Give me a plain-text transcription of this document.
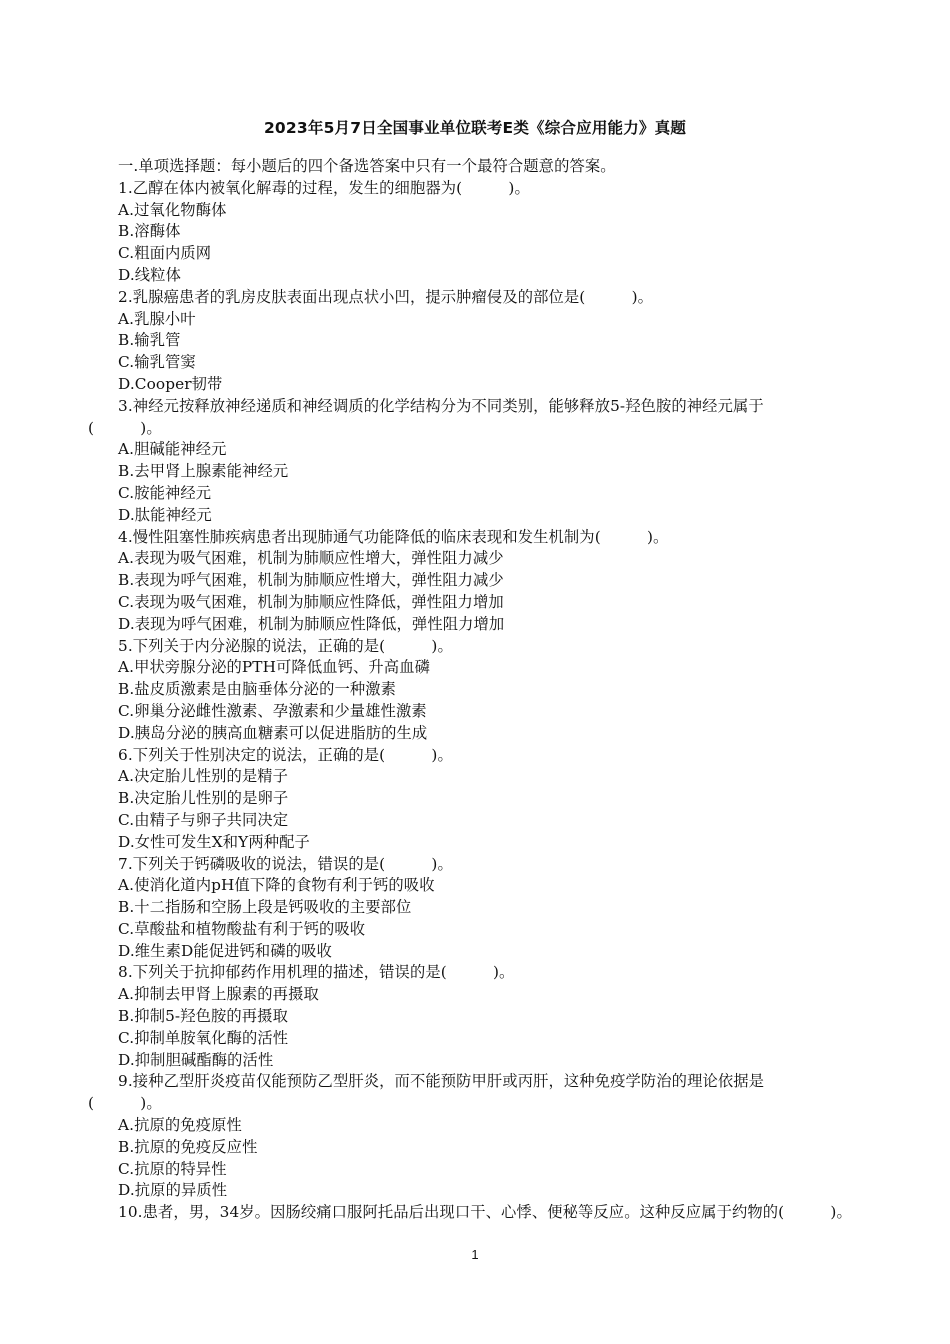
2023年5月7日全国事业单位联考E类《综合应用能力》真题
一.单项选择题：每小题后的四个备选答案中只有一个最符合题意的答案。
1.乙醇在体内被氧化解毒的过程，发生的细胞器为(　　　)。
A.过氧化物酶体
B.溶酶体
C.粗面内质网
D.线粒体
2.乳腺癌患者的乳房皮肤表面出现点状小凹，提示肿瘤侵及的部位是(　　　)。
A.乳腺小叶
B.输乳管
C.输乳管窦
D.Cooper韧带
3.神经元按释放神经递质和神经调质的化学结构分为不同类别，能够释放5-羟色胺的神经元属于
(　　　)。
A.胆碱能神经元
B.去甲肾上腺素能神经元
C.胺能神经元
D.肽能神经元
4.慢性阻塞性肺疾病患者出现肺通气功能降低的临床表现和发生机制为(　　　)。
A.表现为吸气困难，机制为肺顺应性增大，弹性阻力减少
B.表现为呼气困难，机制为肺顺应性增大，弹性阻力减少
C.表现为吸气困难，机制为肺顺应性降低，弹性阻力增加
D.表现为呼气困难，机制为肺顺应性降低，弹性阻力增加
5.下列关于内分泌腺的说法，正确的是(　　　)。
A.甲状旁腺分泌的PTH可降低血钙、升高血磷
B.盐皮质激素是由脑垂体分泌的一种激素
C.卵巢分泌雌性激素、孕激素和少量雄性激素
D.胰岛分泌的胰高血糖素可以促进脂肪的生成
6.下列关于性别决定的说法，正确的是(　　　)。
A.决定胎儿性别的是精子
B.决定胎儿性别的是卵子
C.由精子与卵子共同决定
D.女性可发生X和Y两种配子
7.下列关于钙磷吸收的说法，错误的是(　　　)。
A.使消化道内pH值下降的食物有利于钙的吸收
B.十二指肠和空肠上段是钙吸收的主要部位
C.草酸盐和植物酸盐有利于钙的吸收
D.维生素D能促进钙和磷的吸收
8.下列关于抗抑郁药作用机理的描述，错误的是(　　　)。
A.抑制去甲肾上腺素的再摄取
B.抑制5-羟色胺的再摄取
C.抑制单胺氧化酶的活性
D.抑制胆碱酯酶的活性
9.接种乙型肝炎疫苗仅能预防乙型肝炎，而不能预防甲肝或丙肝，这种免疫学防治的理论依据是
(　　　)。
A.抗原的免疫原性
B.抗原的免疫反应性
C.抗原的特异性
D.抗原的异质性
10.患者，男，34岁。因肠绞痛口服阿托品后出现口干、心悸、便秘等反应。这种反应属于约物的(　　　)。
1
